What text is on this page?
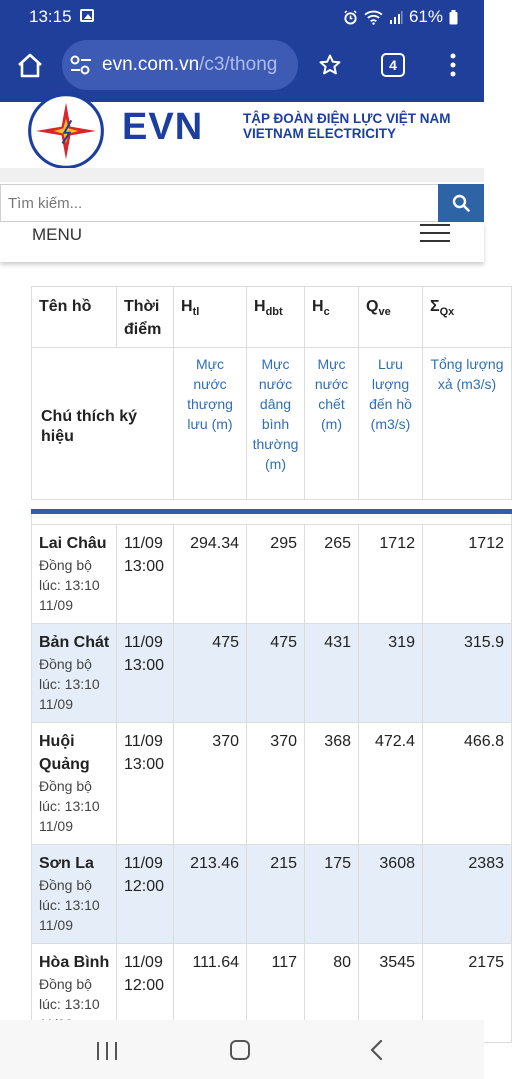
13:15	61%
evn.com.vn/c3/thong	4
EVN	TẬP ĐOÀN ĐIỆN LỰC VIỆT NAM
VIETNAM ELECTRICITY
Tìm kiếm...
MENU
Tên hồ	Thời điểm	$H_{tl}$	$H_{dbt}$	$H_c$	$Q_{ve}$	$\Sigma_{Qx}$
Chú thích ký hiệu		Mực nước thượng lưu (m)	Mực nước dâng bình thường (m)	Mực nước chết (m)	Lưu lượng đến hồ (m3/s)	Tổng lượng xả (m3/s)

Lai Châu
Đồng bộ lúc: 13:10 11/09	11/09 13:00	294.34	295	265	1712	1712

Bản Chát
Đồng bộ lúc: 13:10 11/09	11/09 13:00	475	475	431	319	315.9

Huội Quảng
Đồng bộ lúc: 13:10 11/09	11/09 13:00	370	370	368	472.4	466.8

Sơn La
Đồng bộ lúc: 13:10 11/09	11/09 12:00	213.46	215	175	3608	2383

Hòa Bình
Đồng bộ lúc: 13:10	11/09 12:00	111.64	117	80	3545	2175
